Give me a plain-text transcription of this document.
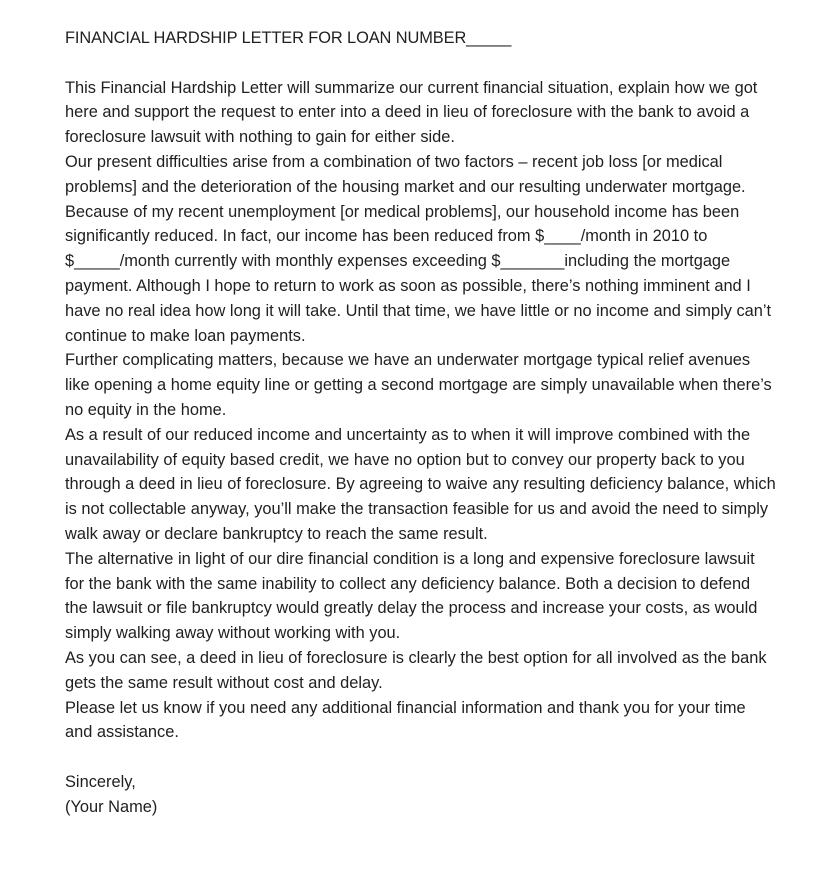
FINANCIAL HARDSHIP LETTER FOR LOAN NUMBER_____

This Financial Hardship Letter will summarize our current financial situation, explain how we got here and support the request to enter into a deed in lieu of foreclosure with the bank to avoid a foreclosure lawsuit with nothing to gain for either side.

Our present difficulties arise from a combination of two factors – recent job loss [or medical problems] and the deterioration of the housing market and our resulting underwater mortgage.

Because of my recent unemployment [or medical problems], our household income has been significantly reduced. In fact, our income has been reduced from $____/month in 2010 to $_____/month currently with monthly expenses exceeding $_______including the mortgage payment. Although I hope to return to work as soon as possible, there’s nothing imminent and I have no real idea how long it will take. Until that time, we have little or no income and simply can’t continue to make loan payments.

Further complicating matters, because we have an underwater mortgage typical relief avenues like opening a home equity line or getting a second mortgage are simply unavailable when there’s no equity in the home.

As a result of our reduced income and uncertainty as to when it will improve combined with the unavailability of equity based credit, we have no option but to convey our property back to you through a deed in lieu of foreclosure. By agreeing to waive any resulting deficiency balance, which is not collectable anyway, you’ll make the transaction feasible for us and avoid the need to simply walk away or declare bankruptcy to reach the same result.

The alternative in light of our dire financial condition is a long and expensive foreclosure lawsuit for the bank with the same inability to collect any deficiency balance. Both a decision to defend the lawsuit or file bankruptcy would greatly delay the process and increase your costs, as would simply walking away without working with you.

As you can see, a deed in lieu of foreclosure is clearly the best option for all involved as the bank gets the same result without cost and delay.

Please let us know if you need any additional financial information and thank you for your time and assistance.

Sincerely,
(Your Name)
